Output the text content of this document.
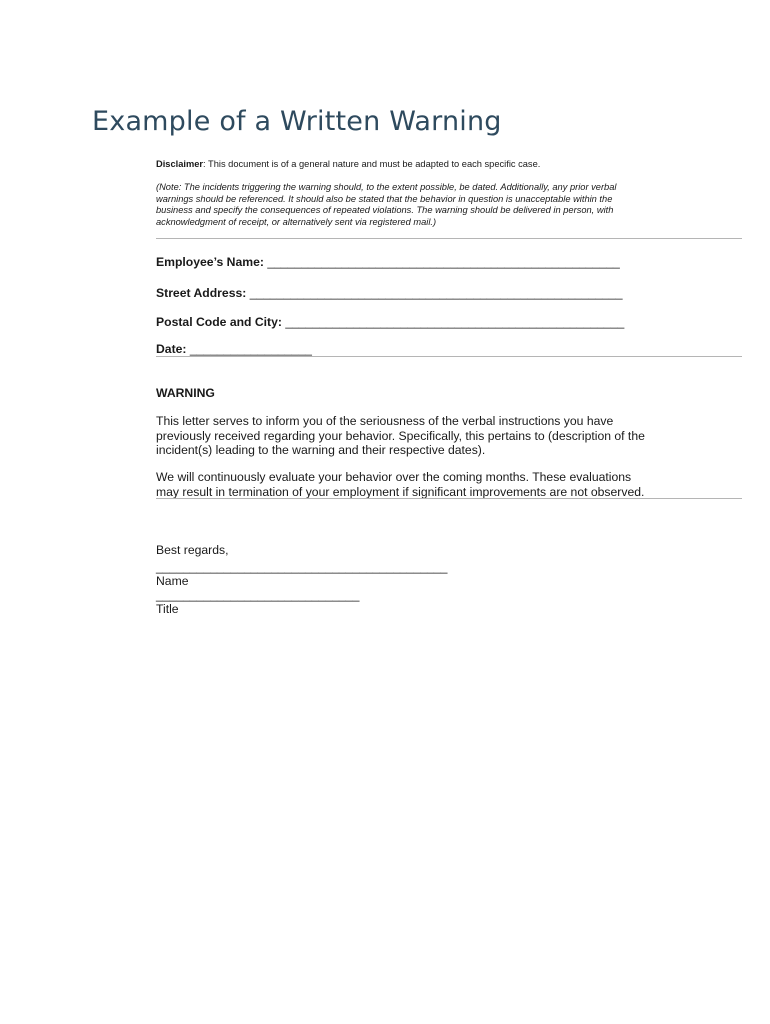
Example of a Written Warning
Disclaimer: This document is of a general nature and must be adapted to each specific case.
(Note: The incidents triggering the warning should, to the extent possible, be dated. Additionally, any prior verbal
warnings should be referenced. It should also be stated that the behavior in question is unacceptable within the
business and specify the consequences of repeated violations. The warning should be delivered in person, with
acknowledgment of receipt, or alternatively sent via registered mail.)
Employee’s Name: ____________________________________________________
Street Address: _______________________________________________________
Postal Code and City: __________________________________________________
Date: __________________
WARNING
This letter serves to inform you of the seriousness of the verbal instructions you have
previously received regarding your behavior. Specifically, this pertains to (description of the
incident(s) leading to the warning and their respective dates).
We will continuously evaluate your behavior over the coming months. These evaluations
may result in termination of your employment if significant improvements are not observed.
Best regards,
___________________________________________
Name
______________________________
Title
